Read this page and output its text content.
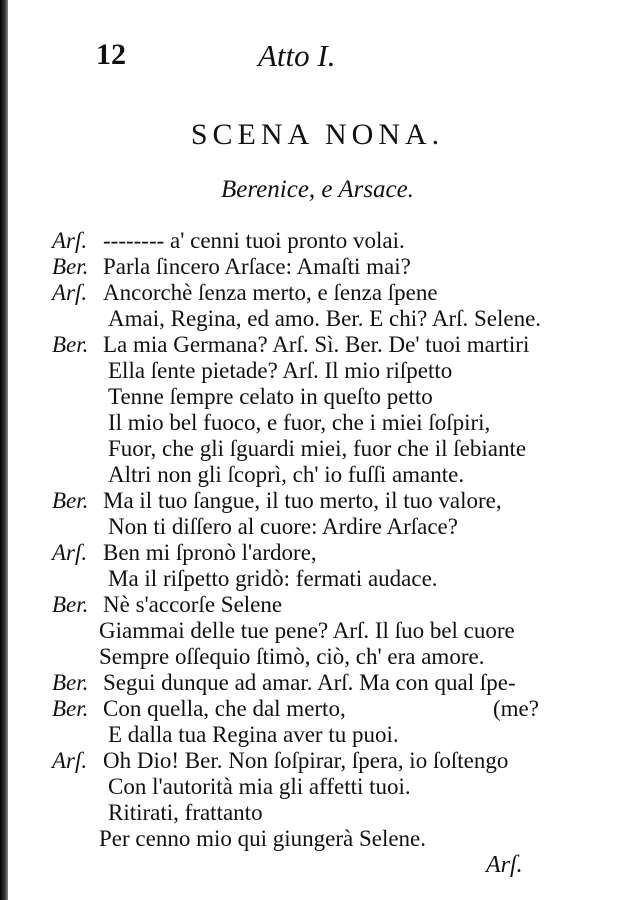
12	Atto I.
SCENA NONA.
Berenice, e Arsace.
Arſ. -------- a' cenni tuoi pronto volai.
Ber. Parla ſincero Arſace: Amaſti mai?
Arſ. Ancorchè ſenza merto, e ſenza ſpene
Amai, Regina, ed amo. Ber. E chi? Arſ. Selene.
Ber. La mia Germana? Arſ. Sì. Ber. De' tuoi martiri
Ella ſente pietade? Arſ. Il mio riſpetto
Tenne ſempre celato in queſto petto
Il mio bel fuoco, e fuor, che i miei ſoſpiri,
Fuor, che gli ſguardi miei, fuor che il ſebiante
Altri non gli ſcoprì, ch' io fuſſi amante.
Ber. Ma il tuo ſangue, il tuo merto, il tuo valore,
Non ti diſſero al cuore: Ardire Arſace?
Arſ. Ben mi ſpronò l'ardore,
Ma il riſpetto gridò: fermati audace.
Ber. Nè s'accorſe Selene
Giammai delle tue pene? Arſ. Il ſuo bel cuore
Sempre oſſequio ſtimò, ciò, ch' era amore.
Ber. Segui dunque ad amar. Arſ. Ma con qual ſpe-
Ber. Con quella, che dal merto,	(me?
E dalla tua Regina aver tu puoi.
Arſ. Oh Dio! Ber. Non ſoſpirar, ſpera, io ſoſtengo
Con l'autorità mia gli affetti tuoi.
Ritirati, frattanto
Per cenno mio qui giungerà Selene.
Arſ.
